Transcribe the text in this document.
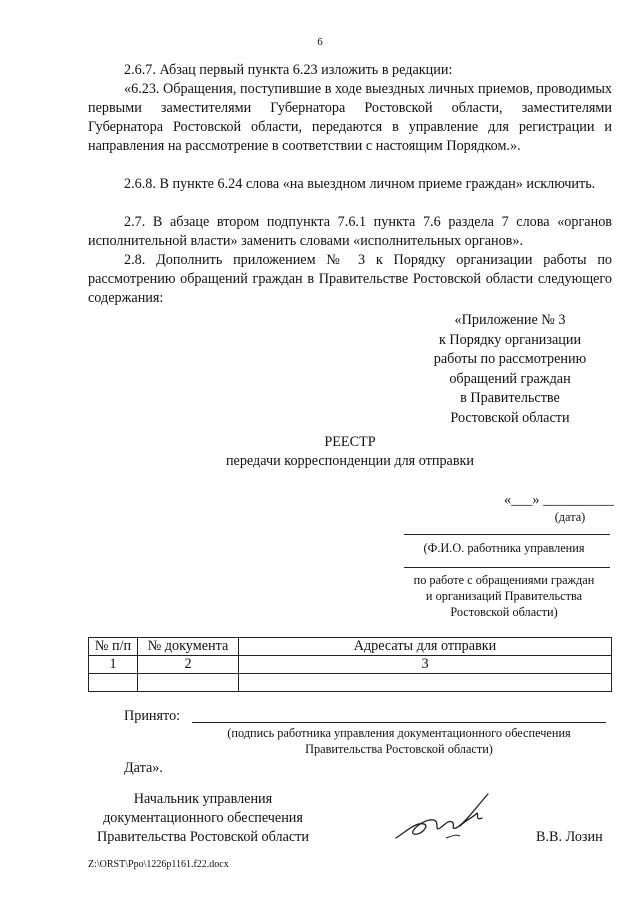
6
2.6.7. Абзац первый пункта 6.23 изложить в редакции:
«6.23. Обращения, поступившие в ходе выездных личных приемов, проводимых первыми заместителями Губернатора Ростовской области, заместителями Губернатора Ростовской области, передаются в управление для регистрации и направления на рассмотрение в соответствии с настоящим Порядком.».
2.6.8. В пункте 6.24 слова «на выездном личном приеме граждан» исключить.
2.7. В абзаце втором подпункта 7.6.1 пункта 7.6 раздела 7 слова «органов исполнительной власти» заменить словами «исполнительных органов».
2.8. Дополнить приложением № 3 к Порядку организации работы по рассмотрению обращений граждан в Правительстве Ростовской области следующего содержания:
«Приложение № 3
к Порядку организации
работы по рассмотрению
обращений граждан
в Правительстве
Ростовской области
РЕЕСТР
передачи корреспонденции для отправки
«___» __________
(дата)
(Ф.И.О. работника управления
по работе с обращениями граждан
и организаций Правительства
Ростовской области)
№ п/п	№ документа	Адресаты для отправки
1	2	3

Принято:
(подпись работника управления документационного обеспечения
Правительства Ростовской области)
Дата».
Начальник управления
документационного обеспечения
Правительства Ростовской области	В.В. Лозин
Z:\ORST\Ppo\1226p1161.f22.docx
